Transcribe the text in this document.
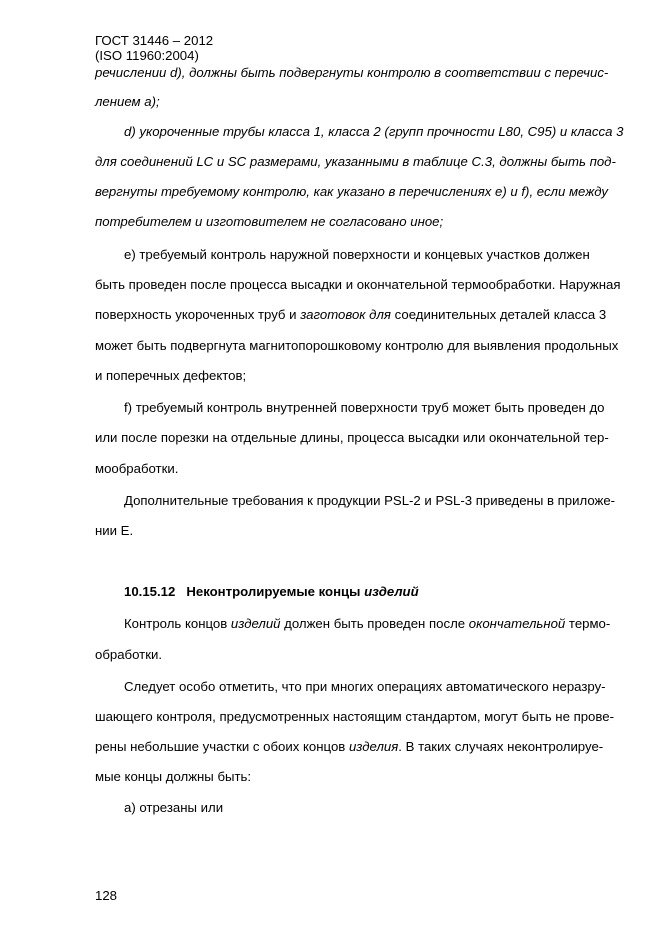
ГОСТ 31446 – 2012
(ISO 11960:2004)
речислении d), должны быть подвергнуты контролю в соответствии с перечис-
лением а);
d) укороченные трубы класса 1, класса 2 (групп прочности L80, C95) и класса 3
для соединений LC и SC размерами, указанными в таблице С.3, должны быть под-
вергнуты требуемому контролю, как указано в перечислениях е) и f), если между
потребителем и изготовителем не согласовано иное;
е) требуемый контроль наружной поверхности и концевых участков должен
быть проведен после процесса высадки и окончательной термообработки. Наружная
поверхность укороченных труб и заготовок для соединительных деталей класса 3
может быть подвергнута магнитопорошковому контролю для выявления продольных
и поперечных дефектов;
f) требуемый контроль внутренней поверхности труб может быть проведен до
или после порезки на отдельные длины, процесса высадки или окончательной тер-
мообработки.
Дополнительные требования к продукции PSL-2 и PSL-3 приведены в приложе-
нии Е.
10.15.12 Неконтролируемые концы изделий
Контроль концов изделий должен быть проведен после окончательной термо-
обработки.
Следует особо отметить, что при многих операциях автоматического неразру-
шающего контроля, предусмотренных настоящим стандартом, могут быть не прове-
рены небольшие участки с обоих концов изделия. В таких случаях неконтролируе-
мые концы должны быть:
а) отрезаны или
128
